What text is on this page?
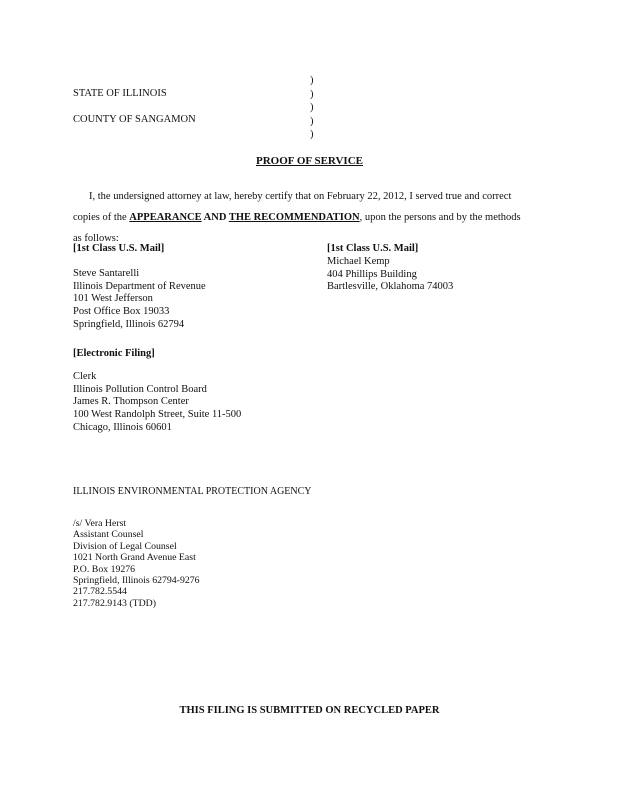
)
)
)
)
)
STATE OF ILLINOIS
COUNTY OF SANGAMON
PROOF OF SERVICE
I, the undersigned attorney at law, hereby certify that on February 22, 2012, I served true and correct
copies of the APPEARANCE AND THE RECOMMENDATION, upon the persons and by the methods
as follows:
[1st Class U.S. Mail]
Steve Santarelli
Illinois Department of Revenue
101 West Jefferson
Post Office Box 19033
Springfield, Illinois 62794
[1st Class U.S. Mail]
Michael Kemp
404 Phillips Building
Bartlesville, Oklahoma 74003
[Electronic Filing]
Clerk
Illinois Pollution Control Board
James R. Thompson Center
100 West Randolph Street, Suite 11-500
Chicago, Illinois 60601
ILLINOIS ENVIRONMENTAL PROTECTION AGENCY
/s/ Vera Herst
Assistant Counsel
Division of Legal Counsel
1021 North Grand Avenue East
P.O. Box 19276
Springfield, Illinois 62794-9276
217.782.5544
217.782.9143 (TDD)
THIS FILING IS SUBMITTED ON RECYCLED PAPER
